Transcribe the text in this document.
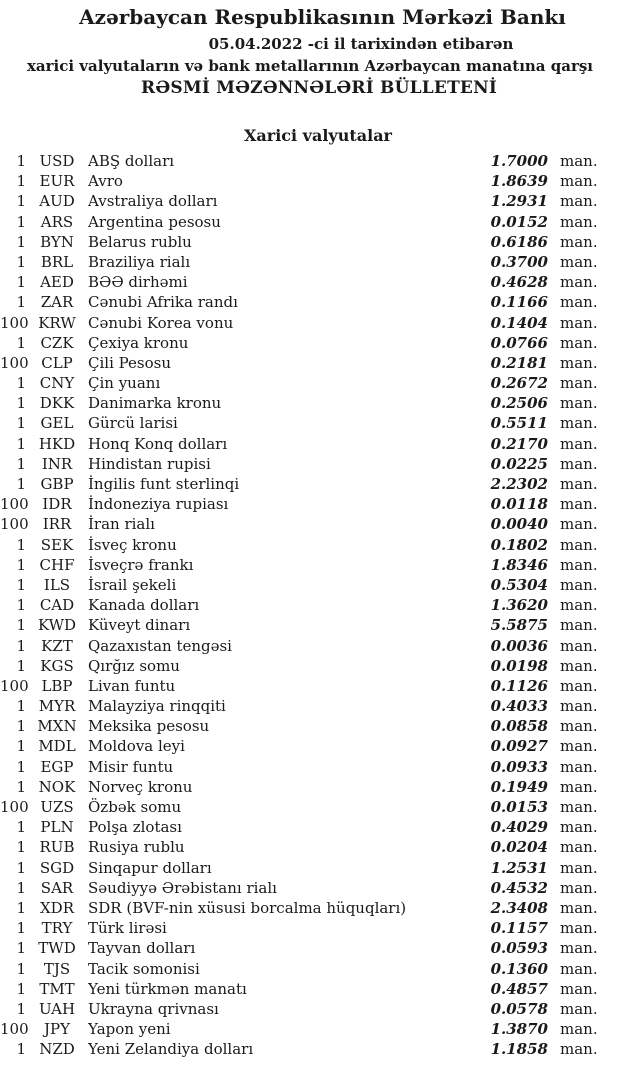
Azərbaycan Respublikasının Mərkəzi Bankı
05.04.2022 -ci il tarixindən etibarən
xarici valyutaların və bank metallarının Azərbaycan manatına qarşı
RƏSMİ MƏZƏNNƏLƏRİ BÜLLETENİ
Xarici valyutalar
1 USD ABŞ dolları	1.7000 man.
1 EUR Avro	1.8639 man.
1 AUD Avstraliya dolları	1.2931 man.
1 ARS Argentina pesosu	0.0152 man.
1 BYN Belarus rublu	0.6186 man.
1 BRL Braziliya rialı	0.3700 man.
1 AED BƏƏ dirhəmi	0.4628 man.
1 ZAR Cənubi Afrika randı	0.1166 man.
100 KRW Cənubi Korea vonu	0.1404 man.
1 CZK Çexiya kronu	0.0766 man.
100 CLP	Çili Pesosu	0.2181 man.
1 CNY Çin yuanı	0.2672 man.
1 DKK Danimarka kronu	0.2506 man.
1 GEL Gürcü larisi	0.5511 man.
1 HKD Honq Konq dolları	0.2170 man.
1	INR	Hindistan rupisi	0.0225 man.
1 GBP İngilis funt sterlinqi	2.2302 man.
100 IDR	İndoneziya rupiası	0.0118 man.
100 IRR	İran rialı	0.0040 man.
1 SEK İsveç kronu	0.1802 man.
1 CHF İsveçrə frankı	1.8346 man.
1	ILS	İsrail şekeli	0.5304 man.
1 CAD Kanada dolları	1.3620 man.
1 KWD Küveyt dinarı	5.5875 man.
1	KZT	Qazaxıstan tengəsi	0.0036 man.
1 KGS Qırğız somu	0.0198 man.
100 LBP	Livan funtu	0.1126 man.
1 MYR Malayziya rinqqiti	0.4033 man.
1 MXN Meksika pesosu	0.0858 man.
1 MDL Moldova leyi	0.0927 man.
1 EGP Misir funtu	0.0933 man.
1 NOK Norveç kronu	0.1949 man.
100 UZS Özbək somu	0.0153 man.
1 PLN Polşa zlotası	0.4029 man.
1 RUB Rusiya rublu	0.0204 man.
1 SGD Sinqapur dolları	1.2531 man.
1 SAR Səudiyyə Ərəbistanı rialı	0.4532 man.
1 XDR SDR (BVF-nin xüsusi borcalma hüquqları)	2.3408 man.
1	TRY	Türk lirəsi	0.1157 man.
1 TWD Tayvan dolları	0.0593 man.
1	TJS	Tacik somonisi	0.1360 man.
1 TMT Yeni türkmən manatı	0.4857 man.
1 UAH Ukrayna qrivnası	0.0578 man.
100	JPY	Yapon yeni	1.3870 man.
1 NZD Yeni Zelandiya dolları	1.1858 man.
